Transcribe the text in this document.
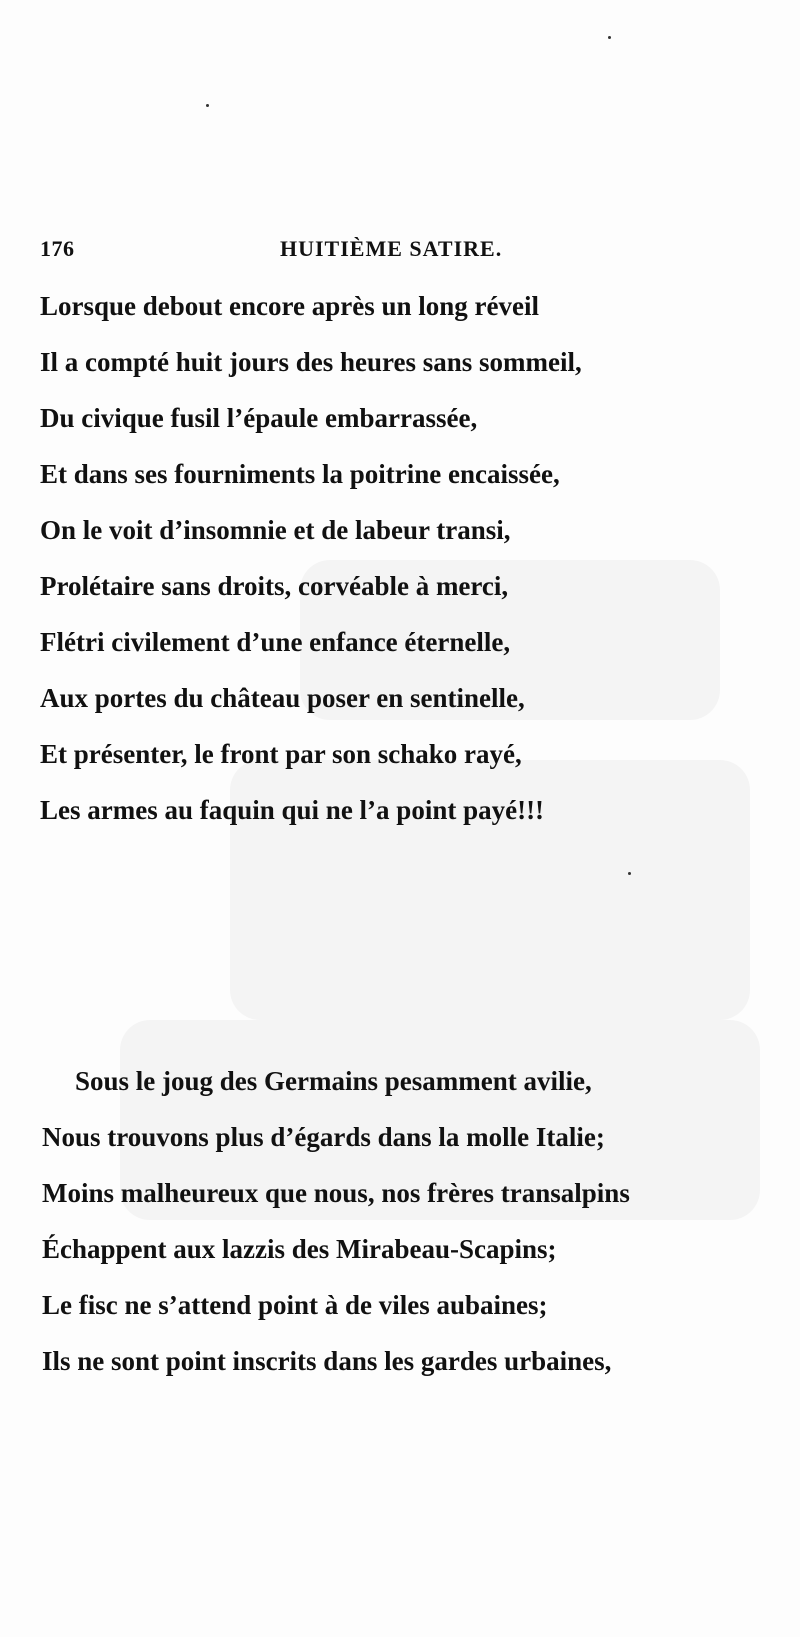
176	HUITIÈME SATIRE.
Lorsque debout encore après un long réveil
Il a compté huit jours des heures sans sommeil,
Du civique fusil l’épaule embarrassée,
Et dans ses fourniments la poitrine encaissée,
On le voit d’insomnie et de labeur transi,
Prolétaire sans droits, corvéable à merci,
Flétri civilement d’une enfance éternelle,
Aux portes du château poser en sentinelle,
Et présenter, le front par son schako rayé,
Les armes au faquin qui ne l’a point payé!!!
Sous le joug des Germains pesamment avilie,
Nous trouvons plus d’égards dans la molle Italie;
Moins malheureux que nous, nos frères transalpins
Échappent aux lazzis des Mirabeau-Scapins;
Le fisc ne s’attend point à de viles aubaines;
Ils ne sont point inscrits dans les gardes urbaines,
